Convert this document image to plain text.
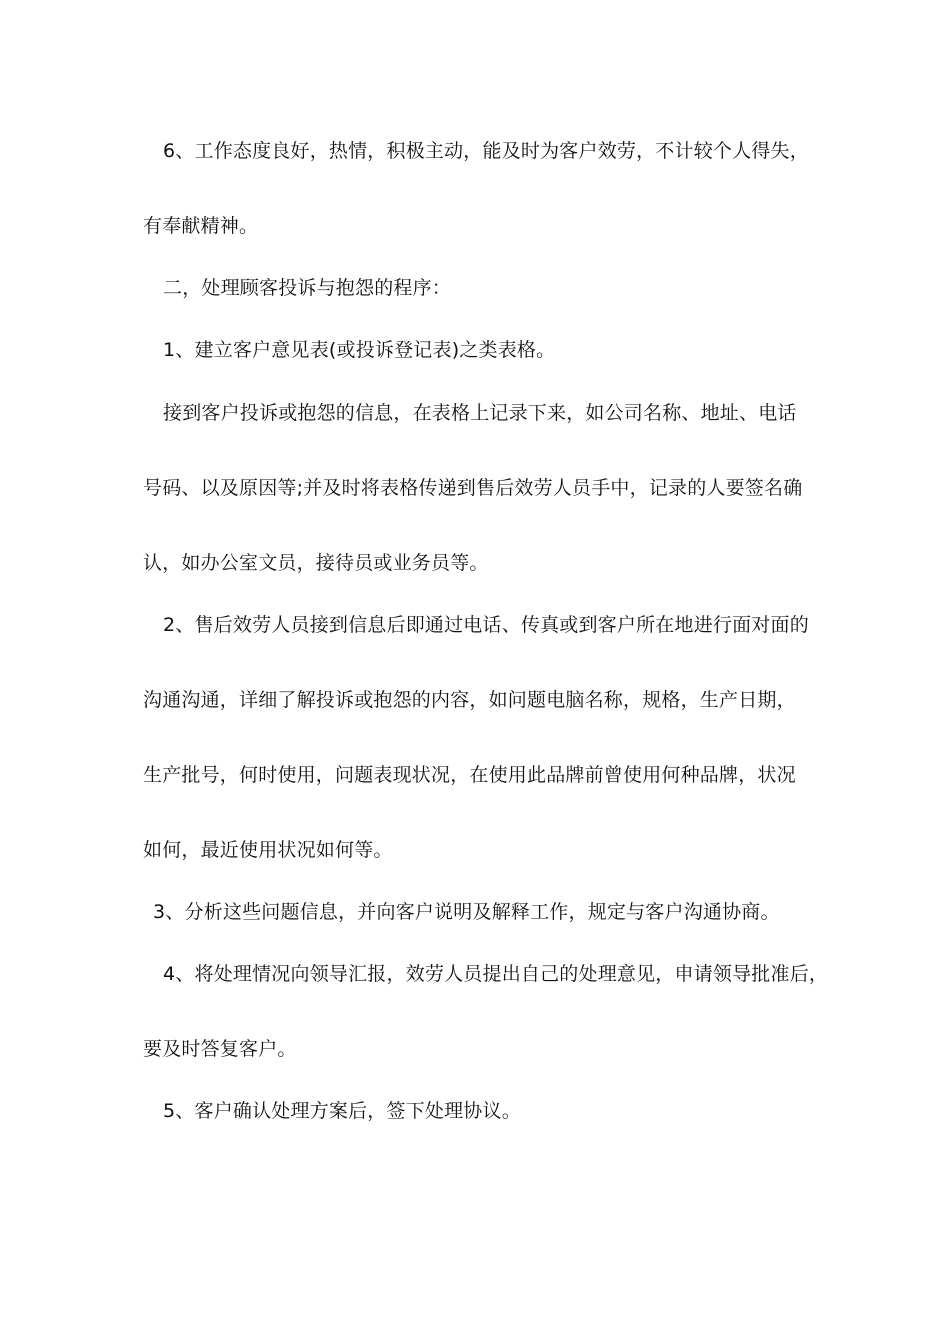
6、工作态度良好，热情，积极主动，能及时为客户效劳，不计较个人得失，
有奉献精神。
二，处理顾客投诉与抱怨的程序：
1、建立客户意见表(或投诉登记表)之类表格。
接到客户投诉或抱怨的信息，在表格上记录下来，如公司名称、地址、电话
号码、以及原因等;并及时将表格传递到售后效劳人员手中，记录的人要签名确
认，如办公室文员，接待员或业务员等。
2、售后效劳人员接到信息后即通过电话、传真或到客户所在地进行面对面的
沟通沟通，详细了解投诉或抱怨的内容，如问题电脑名称，规格，生产日期，
生产批号，何时使用，问题表现状况，在使用此品牌前曾使用何种品牌，状况
如何，最近使用状况如何等。
3、分析这些问题信息，并向客户说明及解释工作，规定与客户沟通协商。
4、将处理情况向领导汇报，效劳人员提出自己的处理意见，申请领导批准后，
要及时答复客户。
5、客户确认处理方案后，签下处理协议。
